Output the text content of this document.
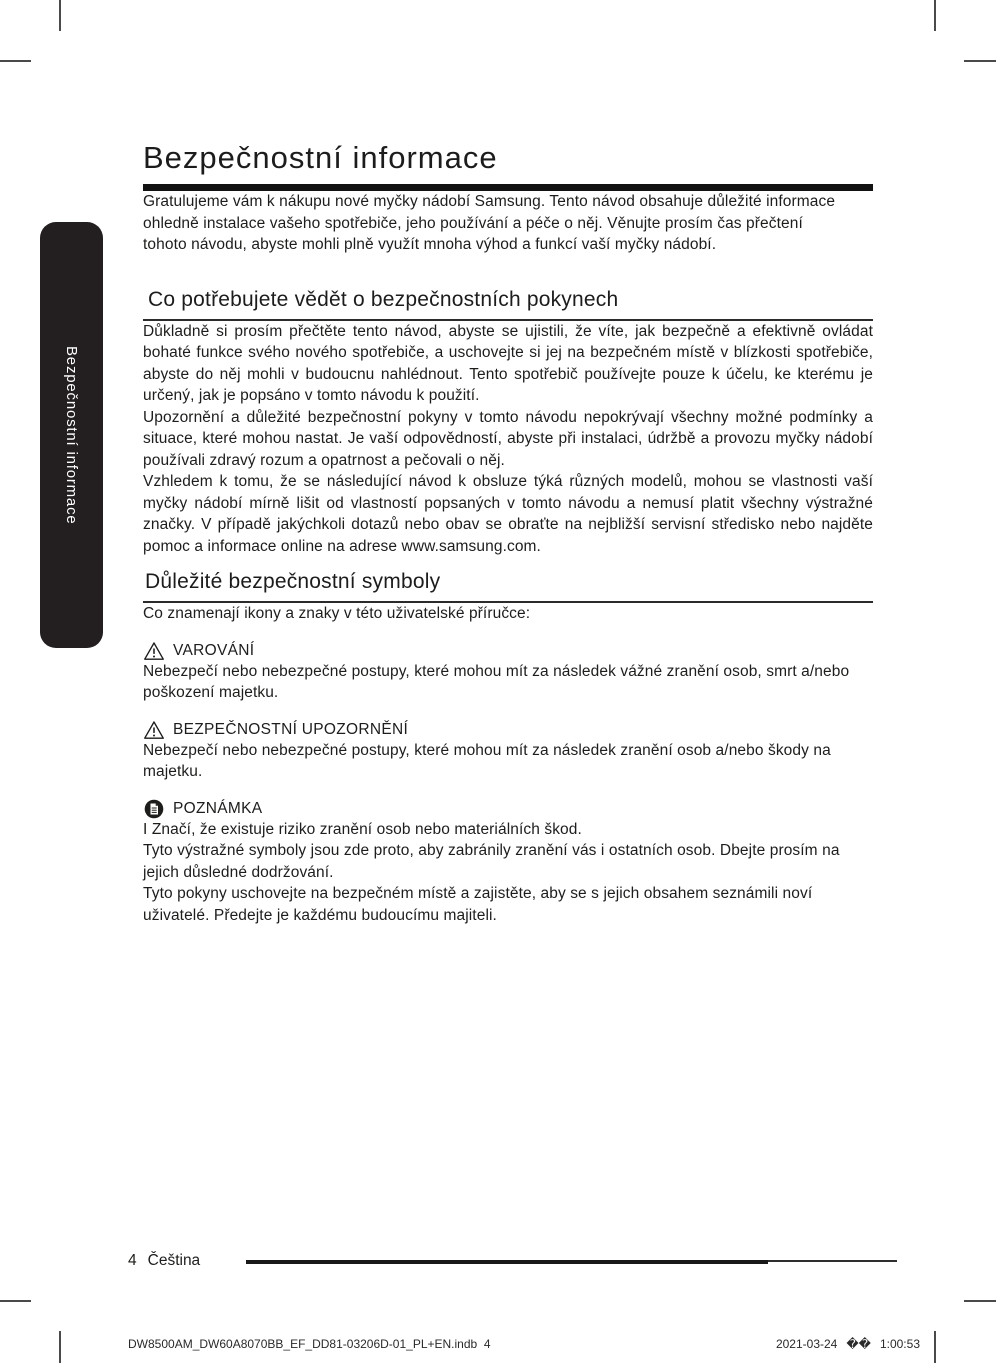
Bezpečnostní informace
Bezpečnostní informace

Gratulujeme vám k nákupu nové myčky nádobí Samsung. Tento návod obsahuje důležité informace ohledně instalace vašeho spotřebiče, jeho používání a péče o něj. Věnujte prosím čas přečtení tohoto návodu, abyste mohli plně využít mnoha výhod a funkcí vaší myčky nádobí.

Co potřebujete vědět o bezpečnostních pokynech

Důkladně si prosím přečtěte tento návod, abyste se ujistili, že víte, jak bezpečně a efektivně ovládat bohaté funkce svého nového spotřebiče, a uschovejte si jej na bezpečném místě v blízkosti spotřebiče, abyste do něj mohli v budoucnu nahlédnout. Tento spotřebič používejte pouze k účelu, ke kterému je určený, jak je popsáno v tomto návodu k použití.

Upozornění a důležité bezpečnostní pokyny v tomto návodu nepokrývají všechny možné podmínky a situace, které mohou nastat. Je vaší odpovědností, abyste při instalaci, údržbě a provozu myčky nádobí používali zdravý rozum a opatrnost a pečovali o něj.

Vzhledem k tomu, že se následující návod k obsluze týká různých modelů, mohou se vlastnosti vaší myčky nádobí mírně lišit od vlastností popsaných v tomto návodu a nemusí platit všechny výstražné značky. V případě jakýchkoli dotazů nebo obav se obraťte na nejbližší servisní středisko nebo najděte pomoc a informace online na adrese www.samsung.com.

Důležité bezpečnostní symboly

Co znamenají ikony a znaky v této uživatelské příručce:

VAROVÁNÍ

Nebezpečí nebo nebezpečné postupy, které mohou mít za následek vážné zranění osob, smrt a/nebo poškození majetku.

BEZPEČNOSTNÍ UPOZORNĚNÍ

Nebezpečí nebo nebezpečné postupy, které mohou mít za následek zranění osob a/nebo škody na majetku.

POZNÁMKA

I Značí, že existuje riziko zranění osob nebo materiálních škod.

Tyto výstražné symboly jsou zde proto, aby zabránily zranění vás i ostatních osob. Dbejte prosím na jejich důsledné dodržování.

Tyto pokyny uschovejte na bezpečném místě a zajistěte, aby se s jejich obsahem seznámili noví uživatelé. Předejte je každému budoucímu majiteli.

4 Čeština
DW8500AM_DW60A8070BB_EF_DD81-03206D-01_PL+EN.indb  4	2021-03-24 �� 1:00:53
